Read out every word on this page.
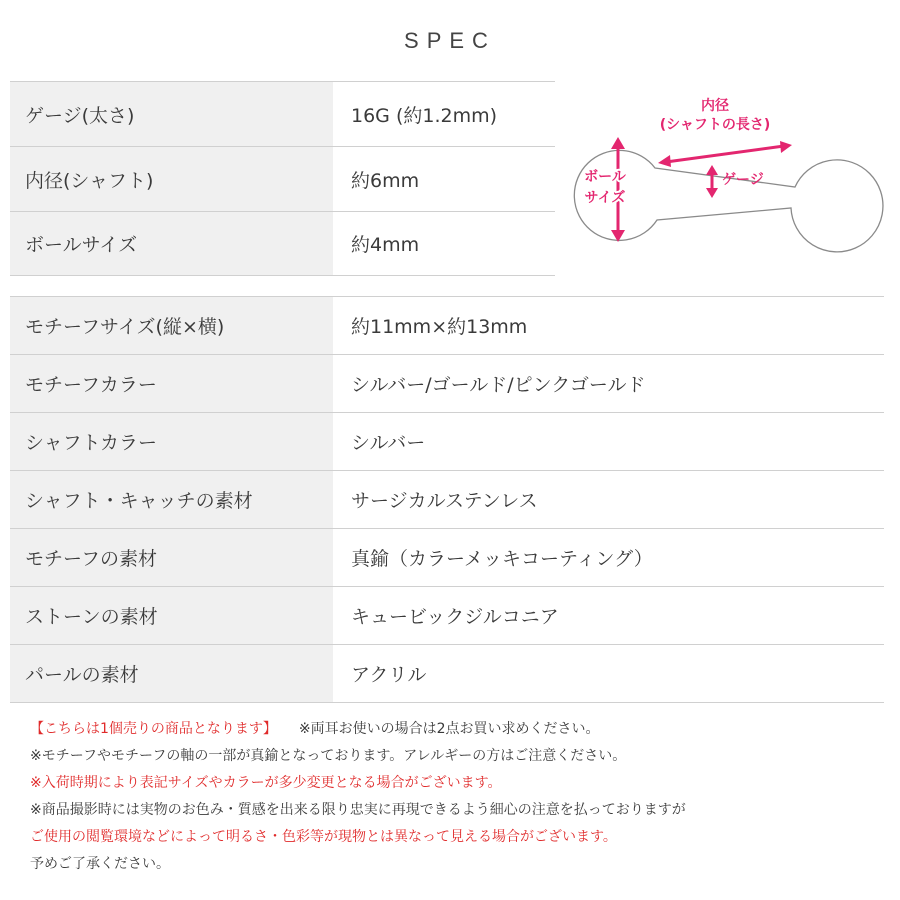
SPEC
ゲージ(太さ)	16G (約1.2mm)
内径(シャフト)	約6mm
ボールサイズ	約4mm
内径
(シャフトの長さ)
ボール
サイズ
ゲージ
モチーフサイズ(縦×横)	約11mm×約13mm
モチーフカラー	シルバー/ゴールド/ピンクゴールド
シャフトカラー	シルバー
シャフト・キャッチの素材	サージカルステンレス
モチーフの素材	真鍮（カラーメッキコーティング）
ストーンの素材	キュービックジルコニア
パールの素材	アクリル
【こちらは1個売りの商品となります】 ※両耳お使いの場合は2点お買い求めください。
※モチーフやモチーフの軸の一部が真鍮となっております。アレルギーの方はご注意ください。
※入荷時期により表記サイズやカラーが多少変更となる場合がございます。
※商品撮影時には実物のお色み・質感を出来る限り忠実に再現できるよう細心の注意を払っておりますが
ご使用の閲覧環境などによって明るさ・色彩等が現物とは異なって見える場合がございます。
予めご了承ください。
